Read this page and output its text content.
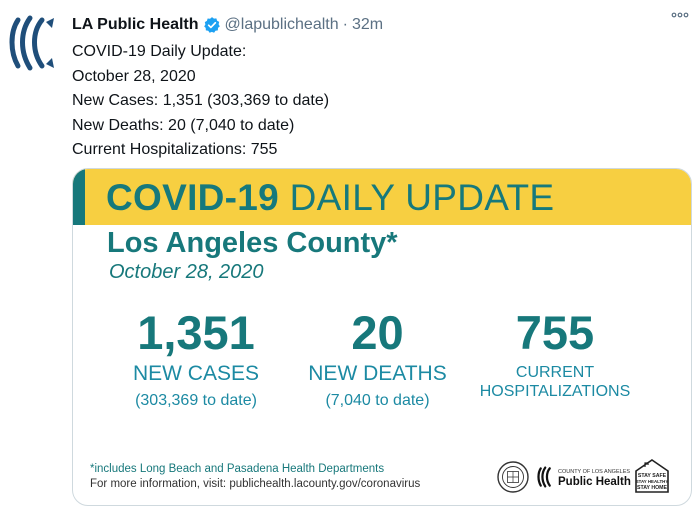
LA Public Health @lapublichealth · 32m
COVID-19 Daily Update:
October 28, 2020
New Cases: 1,351 (303,369 to date)
New Deaths: 20 (7,040 to date)
Current Hospitalizations: 755
COVID-19 DAILY UPDATE
Los Angeles County*
October 28, 2020
1,351
NEW CASES
(303,369 to date)
20
NEW DEATHS
(7,040 to date)
755
CURRENT
HOSPITALIZATIONS
*includes Long Beach and Pasadena Health Departments
For more information, visit: publichealth.lacounty.gov/coronavirus
COUNTY OF LOS ANGELES
Public Health STAY SAFE
STAY HEALTHY
STAY HOME
